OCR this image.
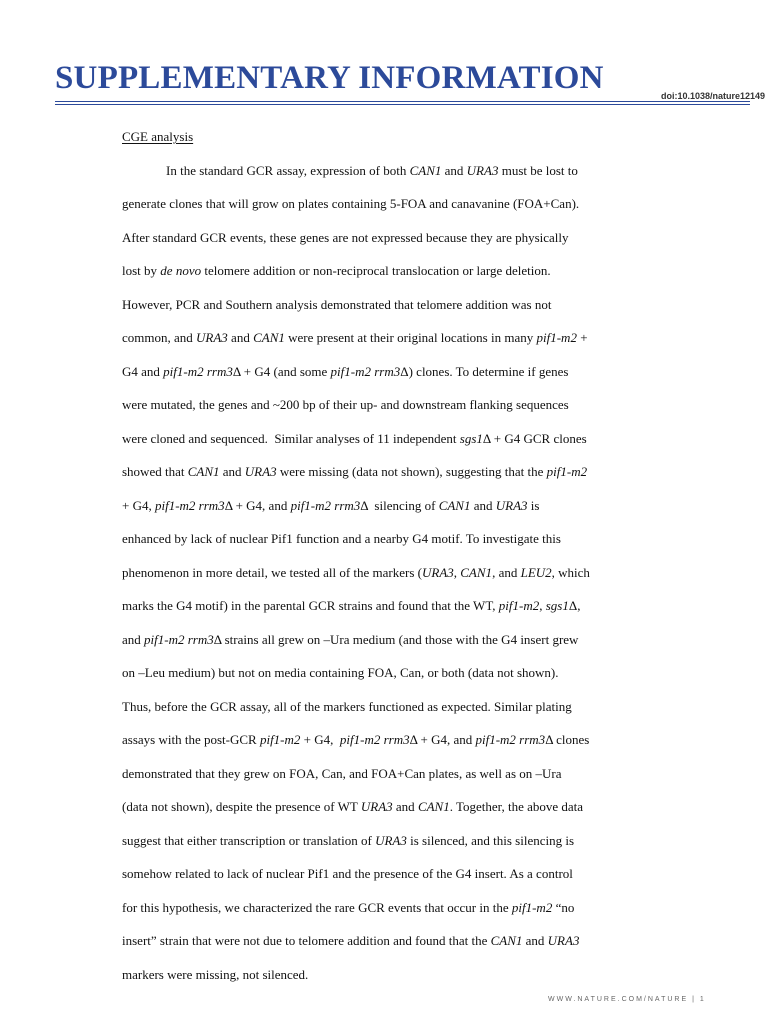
SUPPLEMENTARY INFORMATION	doi:10.1038/nature12149
CGE analysis
In the standard GCR assay, expression of both CAN1 and URA3 must be lost to
generate clones that will grow on plates containing 5-FOA and canavanine (FOA+Can).
After standard GCR events, these genes are not expressed because they are physically
lost by de novo telomere addition or non-reciprocal translocation or large deletion.
However, PCR and Southern analysis demonstrated that telomere addition was not
common, and URA3 and CAN1 were present at their original locations in many pif1-m2 +
G4 and pif1-m2 rrm3Δ + G4 (and some pif1-m2 rrm3Δ) clones. To determine if genes
were mutated, the genes and ~200 bp of their up- and downstream flanking sequences
were cloned and sequenced.  Similar analyses of 11 independent sgs1Δ + G4 GCR clones
showed that CAN1 and URA3 were missing (data not shown), suggesting that the pif1-m2
+ G4, pif1-m2 rrm3Δ + G4, and pif1-m2 rrm3Δ  silencing of CAN1 and URA3 is
enhanced by lack of nuclear Pif1 function and a nearby G4 motif. To investigate this
phenomenon in more detail, we tested all of the markers (URA3, CAN1, and LEU2, which
marks the G4 motif) in the parental GCR strains and found that the WT, pif1-m2, sgs1Δ,
and pif1-m2 rrm3Δ strains all grew on –Ura medium (and those with the G4 insert grew
on –Leu medium) but not on media containing FOA, Can, or both (data not shown).
Thus, before the GCR assay, all of the markers functioned as expected. Similar plating
assays with the post-GCR pif1-m2 + G4,  pif1-m2 rrm3Δ + G4, and pif1-m2 rrm3Δ clones
demonstrated that they grew on FOA, Can, and FOA+Can plates, as well as on –Ura
(data not shown), despite the presence of WT URA3 and CAN1. Together, the above data
suggest that either transcription or translation of URA3 is silenced, and this silencing is
somehow related to lack of nuclear Pif1 and the presence of the G4 insert. As a control
for this hypothesis, we characterized the rare GCR events that occur in the pif1-m2 “no
insert” strain that were not due to telomere addition and found that the CAN1 and URA3
markers were missing, not silenced.
WWW.NATURE.COM/NATURE | 1
